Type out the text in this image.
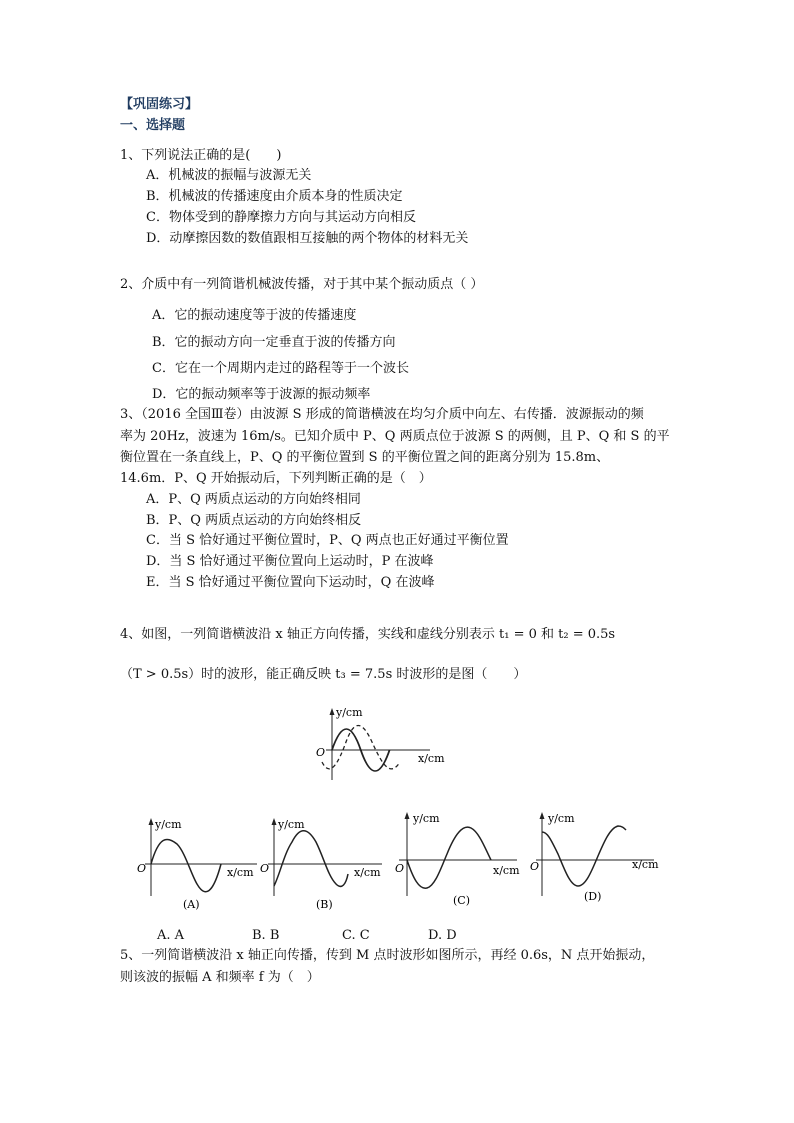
【巩固练习】
一、选择题
1、下列说法正确的是(　　)
A．机械波的振幅与波源无关
B．机械波的传播速度由介质本身的性质决定
C．物体受到的静摩擦力方向与其运动方向相反
D．动摩擦因数的数值跟相互接触的两个物体的材料无关
2、介质中有一列简谐机械波传播，对于其中某个振动质点（ ）
A．它的振动速度等于波的传播速度
B．它的振动方向一定垂直于波的传播方向
C．它在一个周期内走过的路程等于一个波长
D．它的振动频率等于波源的振动频率
3、（2016 全国Ⅲ卷）由波源 S 形成的简谐横波在均匀介质中向左、右传播．波源振动的频
率为 20Hz，波速为 16m/s。已知介质中 P、Q 两质点位于波源 S 的两侧，且 P、Q 和 S 的平
衡位置在一条直线上，P、Q 的平衡位置到 S 的平衡位置之间的距离分别为 15.8m、
14.6m．P、Q 开始振动后，下列判断正确的是（　）
A．P、Q 两质点运动的方向始终相同
B．P、Q 两质点运动的方向始终相反
C．当 S 恰好通过平衡位置时，P、Q 两点也正好通过平衡位置
D．当 S 恰好通过平衡位置向上运动时，P 在波峰
E．当 S 恰好通过平衡位置向下运动时，Q 在波峰
4、如图，一列简谐横波沿 x 轴正方向传播，实线和虚线分别表示 t₁ = 0 和 t₂ = 0.5s
（T > 0.5s）时的波形，能正确反映 t₃ = 7.5s 时波形的是图（　　）
y/cm
O	x/cm
y/cm
O	x/cm
(A)
y/cm
O	x/cm
(B)
y/cm
O	x/cm
(C)
y/cm
O	x/cm
(D)
A. A	B. B	C. C	D. D
5、一列简谐横波沿 x 轴正向传播，传到 M 点时波形如图所示，再经 0.6s，N 点开始振动，
则该波的振幅 A 和频率 f 为（　）
